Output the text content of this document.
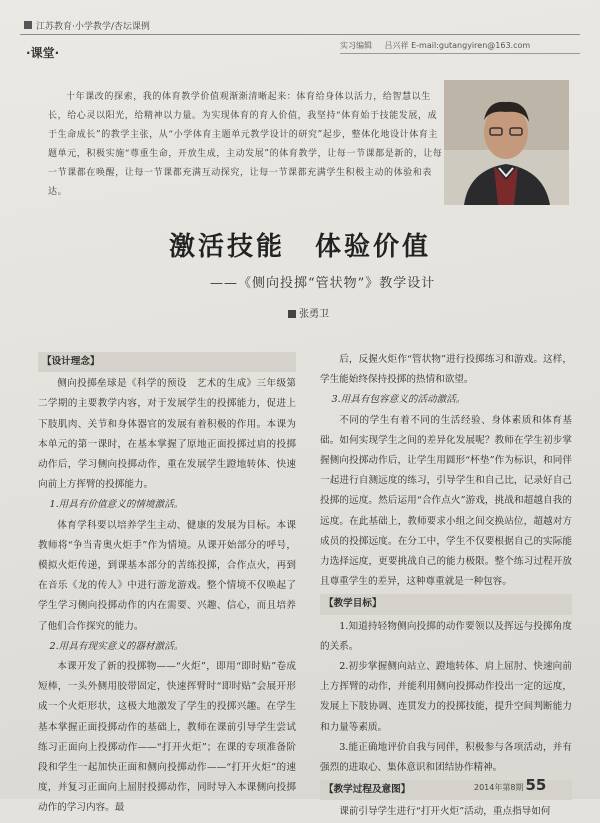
江苏教育·小学教学/杏坛课例
实习编辑 吕兴祥 E-mail:gutangyiren@163.com
·课堂·
十年课改的探索，我的体育教学价值观渐渐清晰起来：体育给身体以活力，给智慧以生长，给心灵以阳光，给精神以力量。为实现体育的育人价值，我坚持“体育始于技能发展，成于生命成长”的教学主张，从“小学体育主题单元教学设计的研究”起步，整体化地设计体育主题单元，积极实施“尊重生命，开放生成，主动发展”的体育教学，让每一节课都是新的，让每一节课都在唤醒，让每一节课都充满互动探究，让每一节课都充满学生积极主动的体验和表达。
激活技能 体验价值
——《侧向投掷“管状物”》教学设计
张勇卫

【设计理念】

侧向投掷垒球是《科学的预设　艺术的生成》三年级第二学期的主要教学内容，对于发展学生的投掷能力，促进上下肢肌肉、关节和身体器官的发展有着积极的作用。本课为本单元的第一课时，在基本掌握了原地正面投掷过肩的投掷动作后，学习侧向投掷动作，重在发展学生蹬地转体、快速向前上方挥臂的投掷能力。

1.用具有价值意义的情境激活。

体育学科要以培养学生主动、健康的发展为目标。本课教师将“争当青奥火炬手”作为情境。从课开始部分的呼号，模拟火炬传递，到课基本部分的苦练投掷，合作点火，再到在音乐《龙的传人》中进行游龙游戏。整个情境不仅唤起了学生学习侧向投掷动作的内在需要、兴趣、信心，而且培养了他们合作探究的能力。

2.用具有现实意义的器材激活。

本课开发了新的投掷物——“火炬”，即用“即时贴”卷成短棒，一头外侧用胶带固定，快速挥臂时“即时贴”会展开形成一个火炬形状，这极大地激发了学生的投掷兴趣。在学生基本掌握正面投掷动作的基础上，教师在课前引导学生尝试练习正面向上投掷动作——“打开火炬”；在课的专项准备阶段和学生一起加快正面和侧向投掷动作——“打开火炬”的速度，并复习正面向上屈肘投掷动作，同时导入本课侧向投掷动作的学习内容。最

后，反握火炬作“管状物”进行投掷练习和游戏。这样，学生能始终保持投掷的热情和欲望。

3.用具有包容意义的活动激活。

不同的学生有着不同的生活经验、身体素质和体育基础。如何实现学生之间的差异化发展呢？教师在学生初步掌握侧向投掷动作后，让学生用圆形“杯垫”作为标识，和同伴一起进行自测远度的练习，引导学生和自己比，记录好自己投掷的远度。然后运用“合作点火”游戏，挑战和超越自我的远度。在此基础上，教师要求小组之间交换站位，超越对方成员的投掷远度。在分工中，学生不仅要根据自己的实际能力选择远度，更要挑战自己的能力极限。整个练习过程开放且尊重学生的差异，这种尊重就是一种包容。

【教学目标】

1.知道持轻物侧向投掷的动作要领以及挥远与投掷角度的关系。

2.初步掌握侧向站立、蹬地转体、肩上屈肘、快速向前上方挥臂的动作，并能利用侧向投掷动作投出一定的远度，发展上下肢协调、连贯发力的投掷技能，提升空间判断能力和力量等素质。

3.能正确地评价自我与同伴，积极参与各项活动，并有强烈的进取心、集体意识和团结协作精神。

【教学过程及意图】

课前引导学生进行“打开火炬”活动，重点指导如何

2014年第8期 55
